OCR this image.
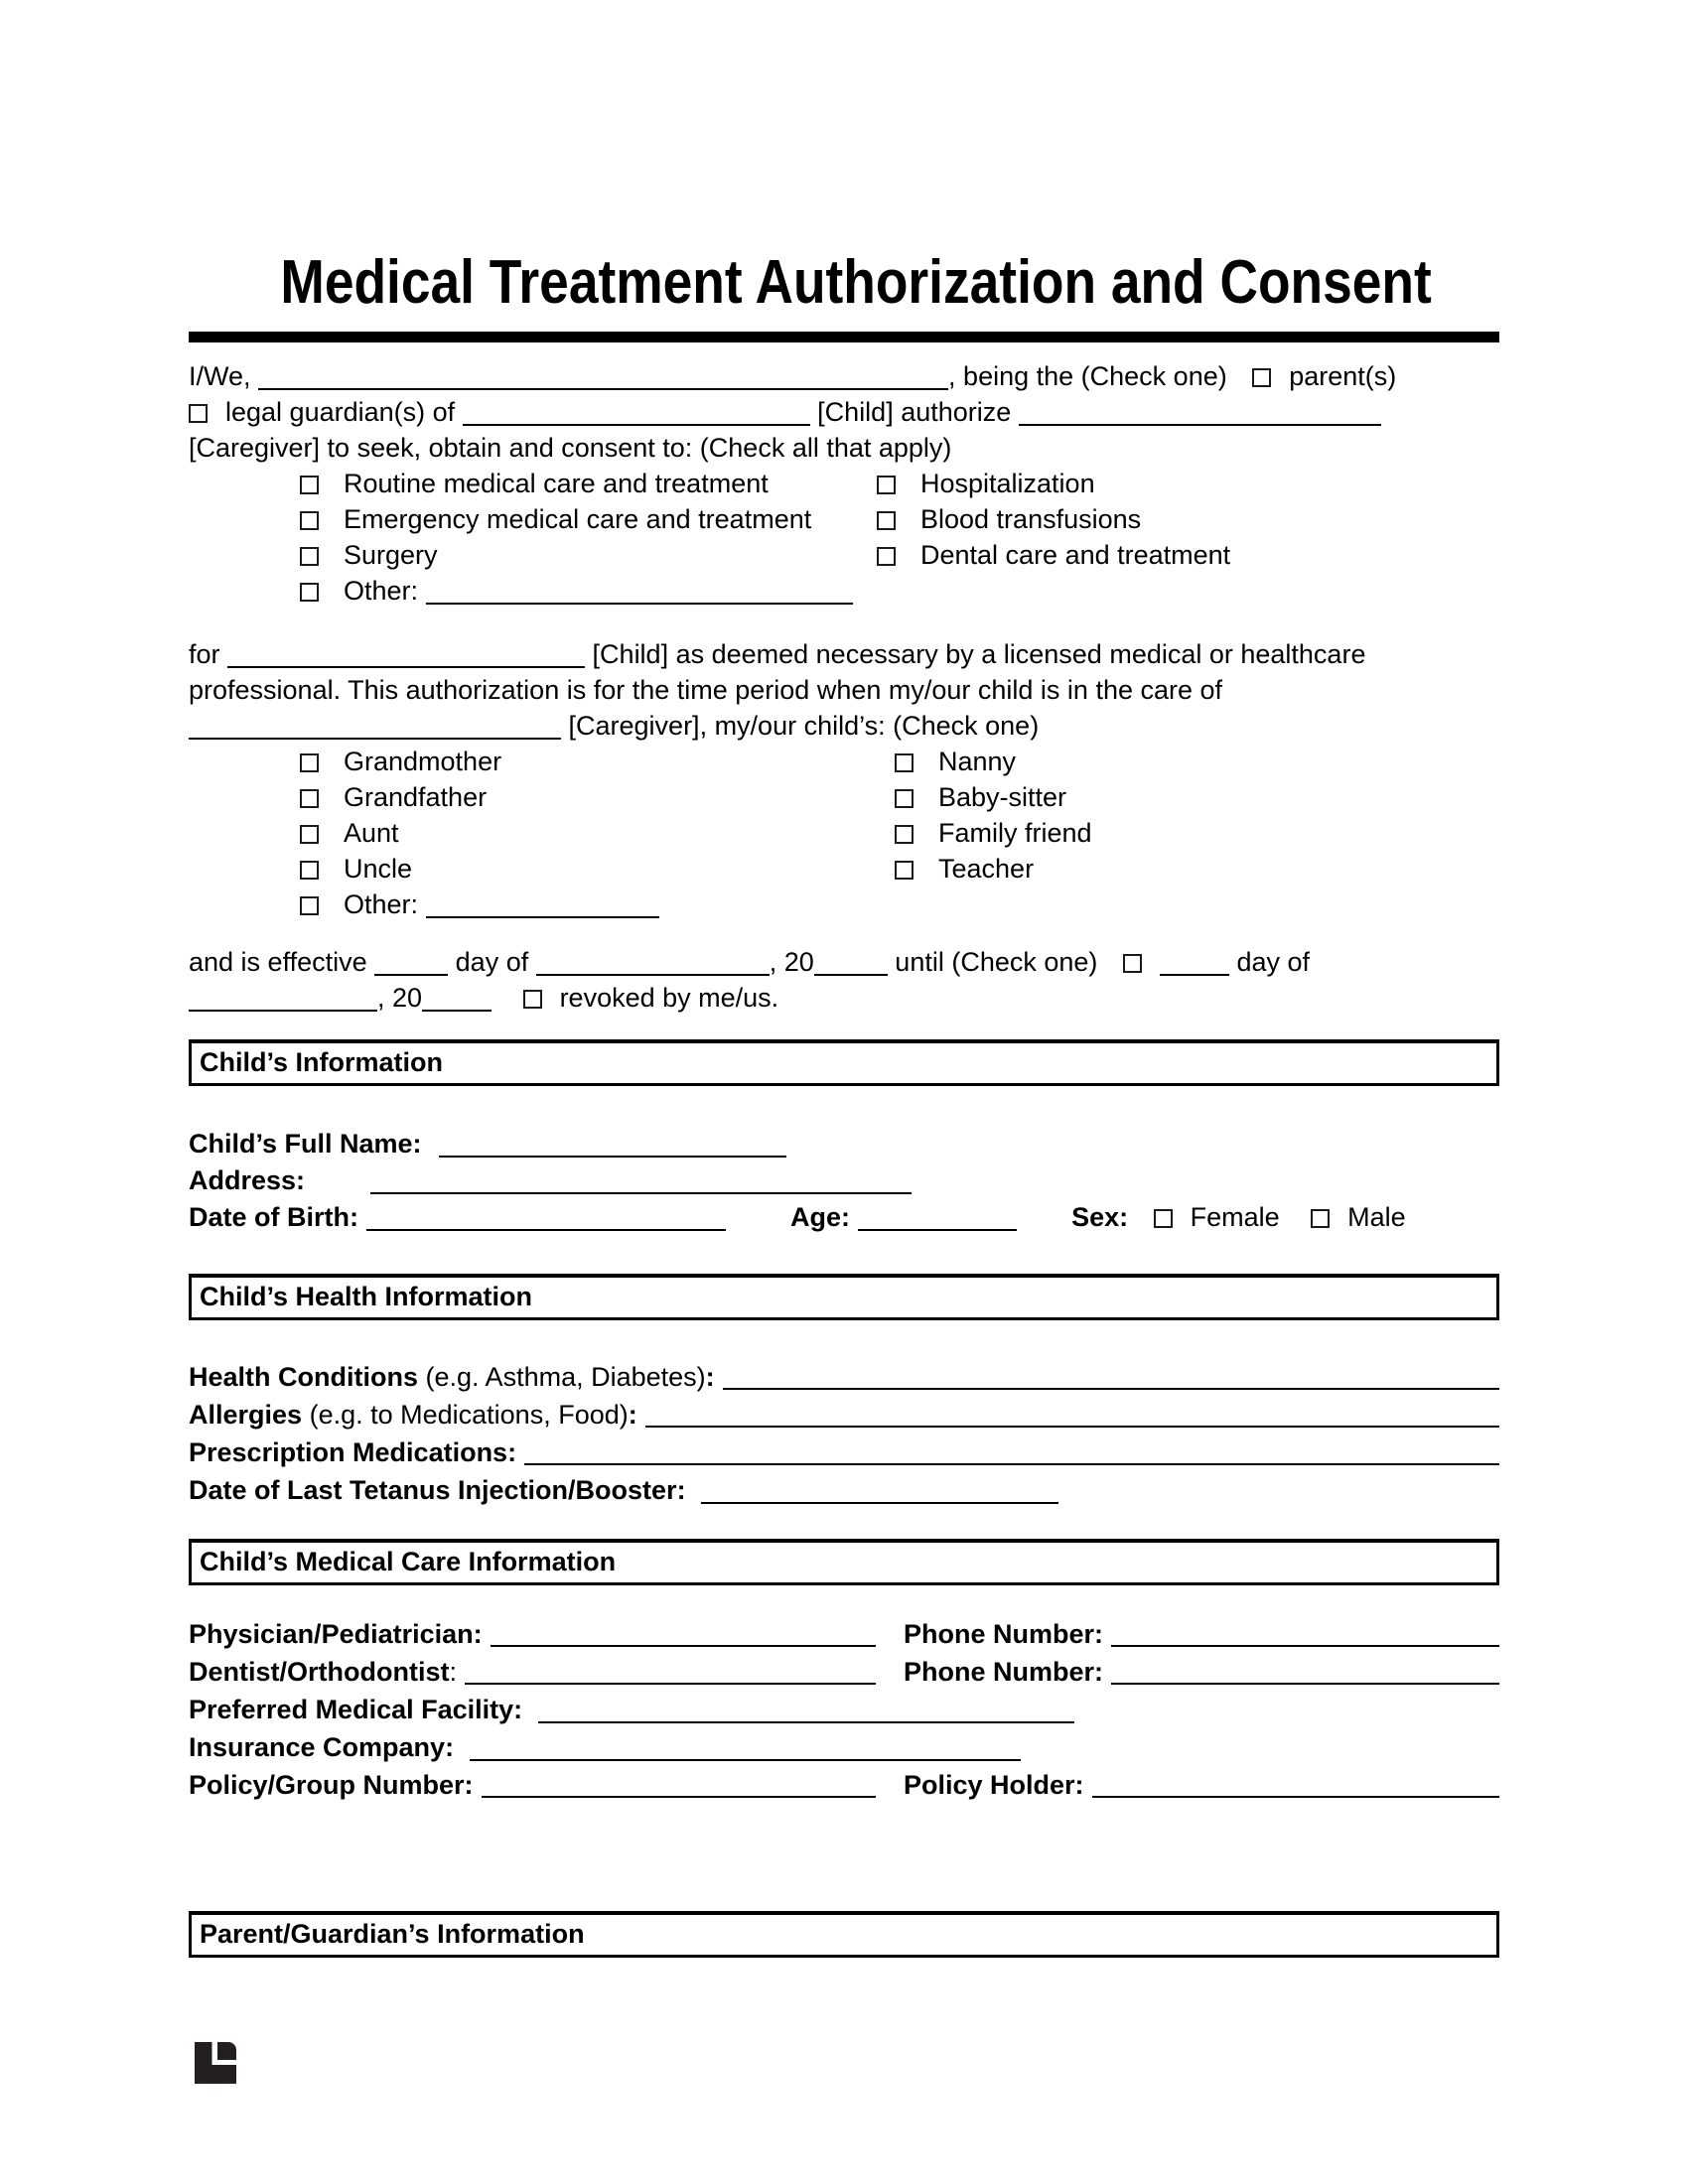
Medical Treatment Authorization and Consent
I/We,	, being the (Check one) parent(s)
legal guardian(s) of	[Child] authorize
[Caregiver] to seek, obtain and consent to: (Check all that apply)
Routine medical care and treatment	Hospitalization
Emergency medical care and treatment	Blood transfusions
Surgery	Dental care and treatment
Other:
for	[Child] as deemed necessary by a licensed medical or healthcare
professional. This authorization is for the time period when my/our child is in the care of
[Caregiver], my/our child’s: (Check one)
Grandmother	Nanny
Grandfather	Baby-sitter
Aunt	Family friend
Uncle	Teacher
Other:
and is effective	day of	, 20	until (Check one)	day of
, 20	revoked by me/us.
Child’s Information
Child’s Full Name:
Address:
Date of Birth:	Age:	Sex: Female	Male
Child’s Health Information
Health Conditions (e.g. Asthma, Diabetes):
Allergies (e.g. to Medications, Food):
Prescription Medications:
Date of Last Tetanus Injection/Booster:
Child’s Medical Care Information
Physician/Pediatrician:	Phone Number:
Dentist/Orthodontist:	Phone Number:
Preferred Medical Facility:
Insurance Company:
Policy/Group Number:	Policy Holder:
Parent/Guardian’s Information
